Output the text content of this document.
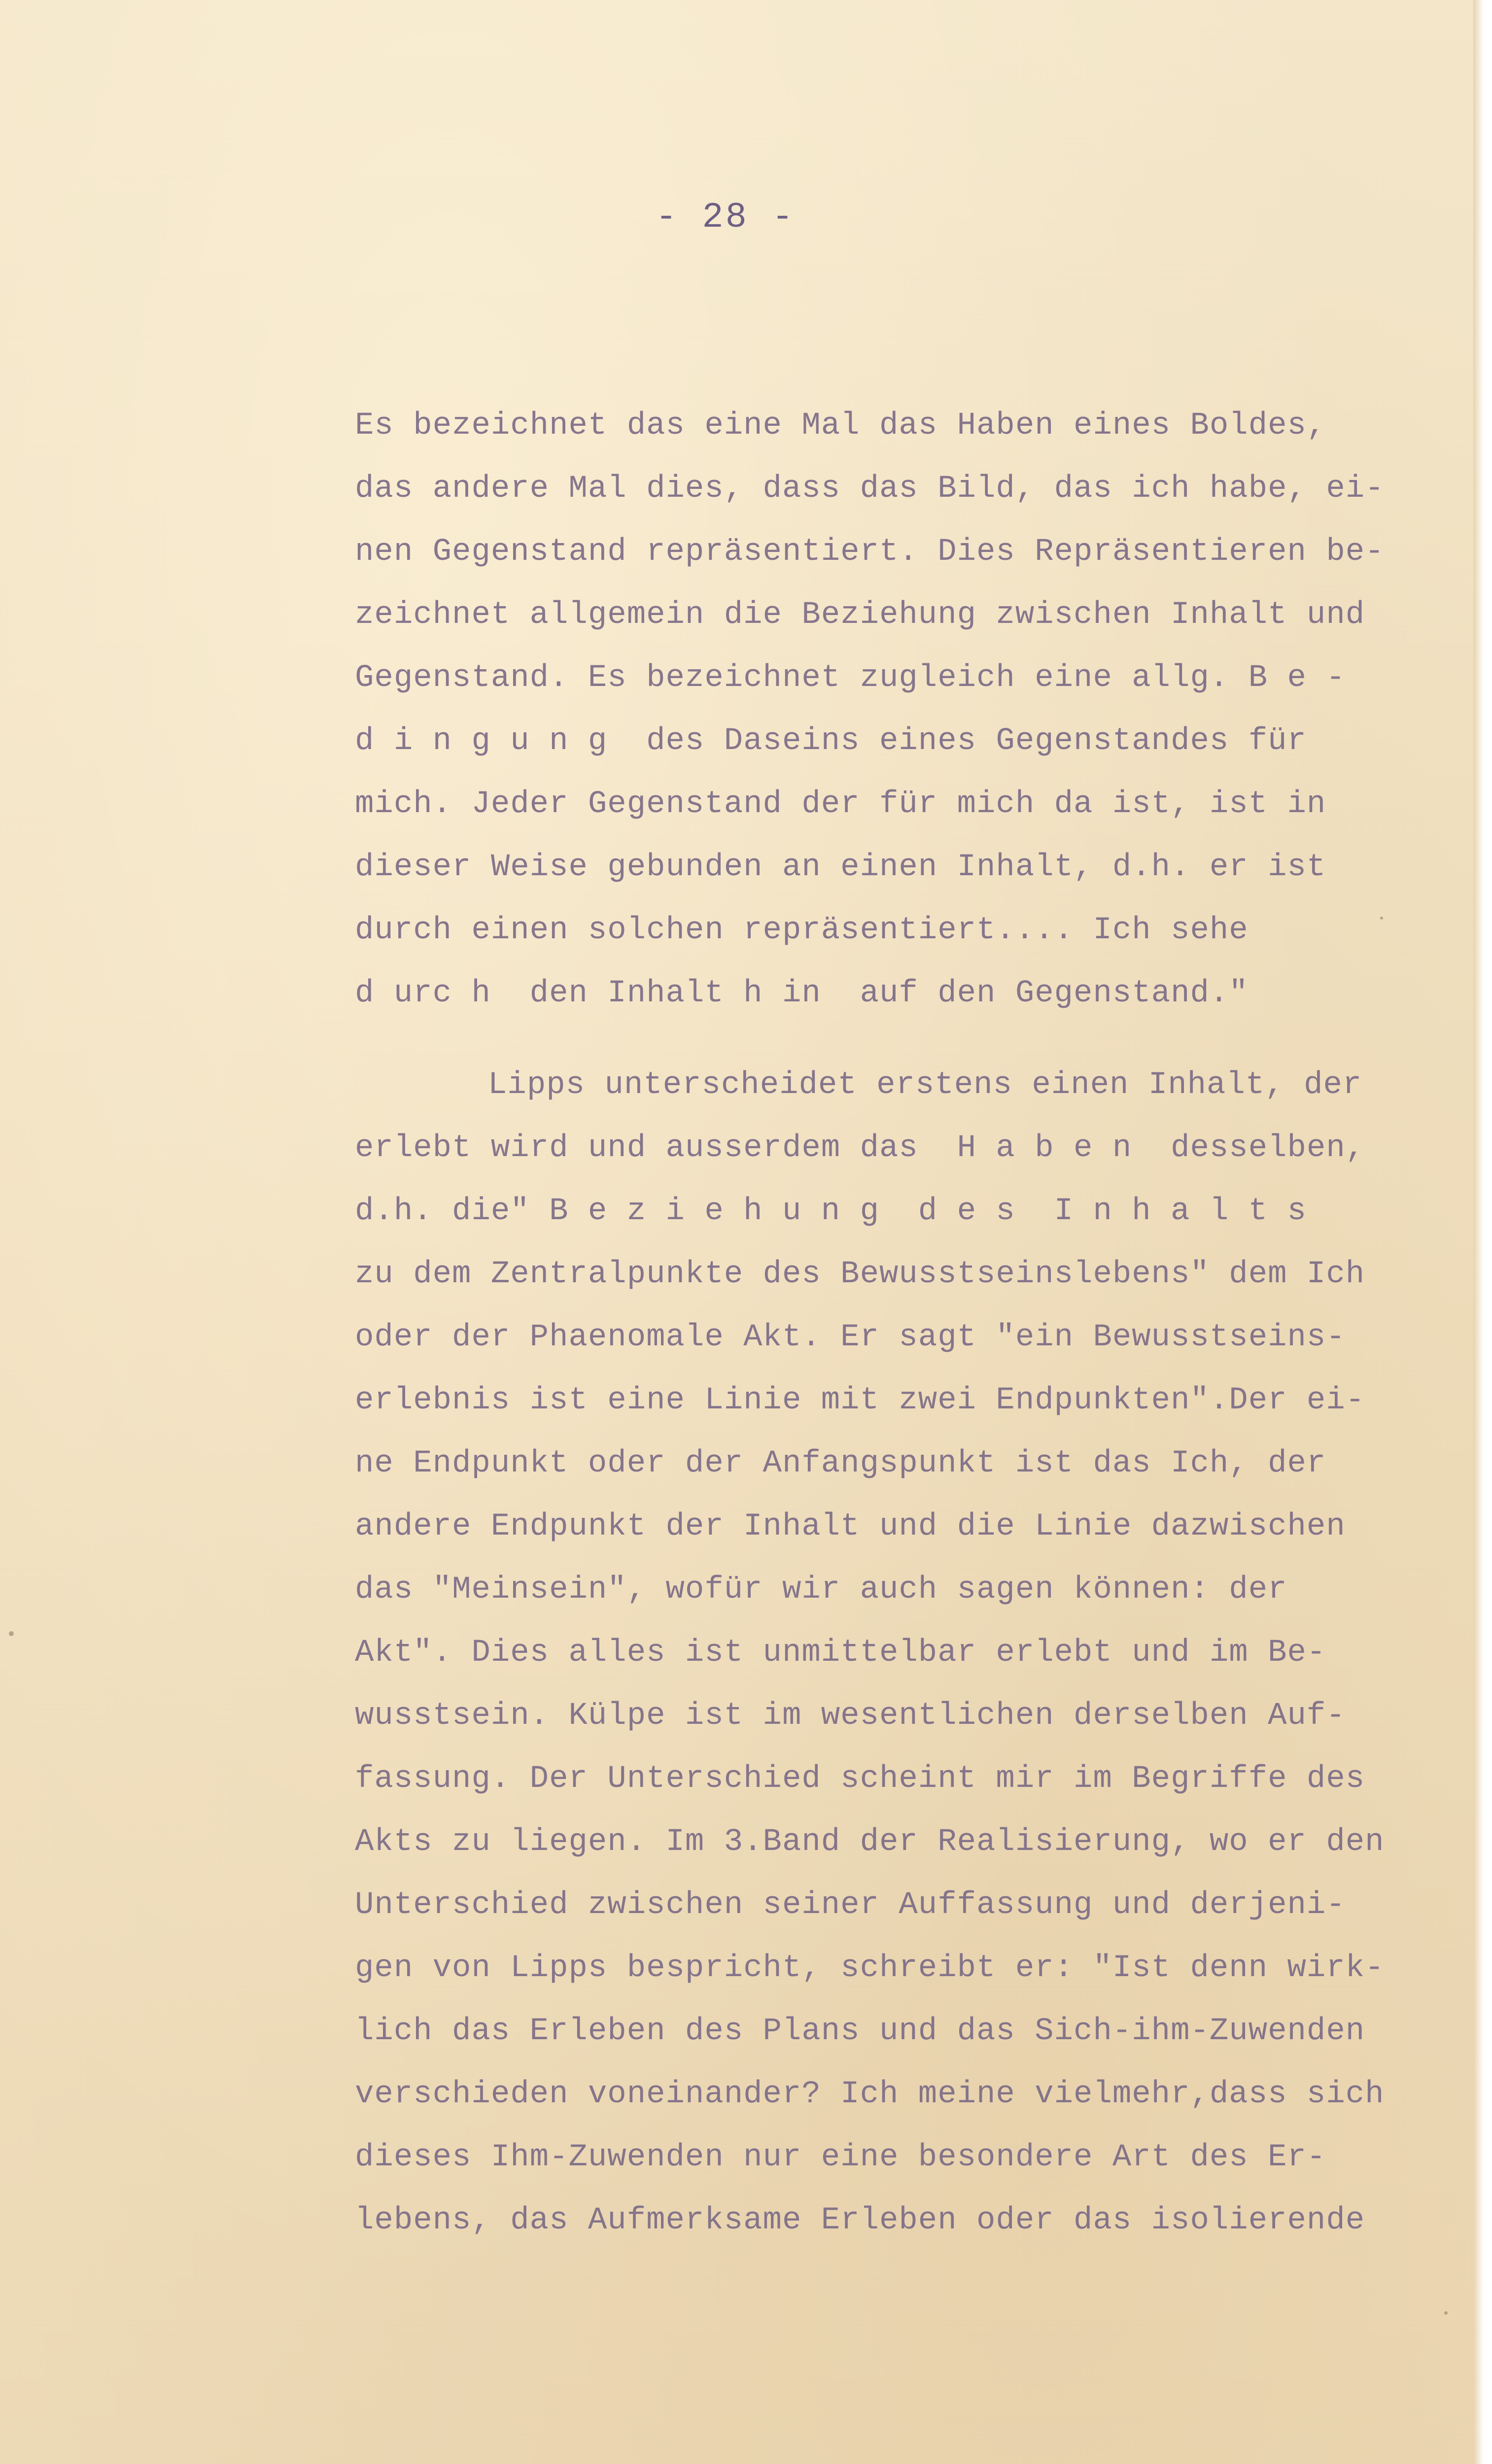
- 28 -
Es bezeichnet das eine Mal das Haben eines Boldes,
das andere Mal dies, dass das Bild, das ich habe, ei-
nen Gegenstand repräsentiert. Dies Repräsentieren be-
zeichnet allgemein die Beziehung zwischen Inhalt und
Gegenstand. Es bezeichnet zugleich eine allg. B e -
d i n g u n g  des Daseins eines Gegenstandes für
mich. Jeder Gegenstand der für mich da ist, ist in
dieser Weise gebunden an einen Inhalt, d.h. er ist
durch einen solchen repräsentiert.... Ich sehe
d urc h  den Inhalt h in  auf den Gegenstand."
Lipps unterscheidet erstens einen Inhalt, der
erlebt wird und ausserdem das  H a b e n  desselben,
d.h. die" B e z i e h u n g  d e s  I n h a l t s
zu dem Zentralpunkte des Bewusstseinslebens" dem Ich
oder der Phaenomale Akt. Er sagt "ein Bewusstseins-
erlebnis ist eine Linie mit zwei Endpunkten".Der ei-
ne Endpunkt oder der Anfangspunkt ist das Ich, der
andere Endpunkt der Inhalt und die Linie dazwischen
das "Meinsein", wofür wir auch sagen können: der
Akt". Dies alles ist unmittelbar erlebt und im Be-
wusstsein. Külpe ist im wesentlichen derselben Auf-
fassung. Der Unterschied scheint mir im Begriffe des
Akts zu liegen. Im 3.Band der Realisierung, wo er den
Unterschied zwischen seiner Auffassung und derjeni-
gen von Lipps bespricht, schreibt er: "Ist denn wirk-
lich das Erleben des Plans und das Sich-ihm-Zuwenden
verschieden voneinander? Ich meine vielmehr,dass sich
dieses Ihm-Zuwenden nur eine besondere Art des Er-
lebens, das Aufmerksame Erleben oder das isolierende
